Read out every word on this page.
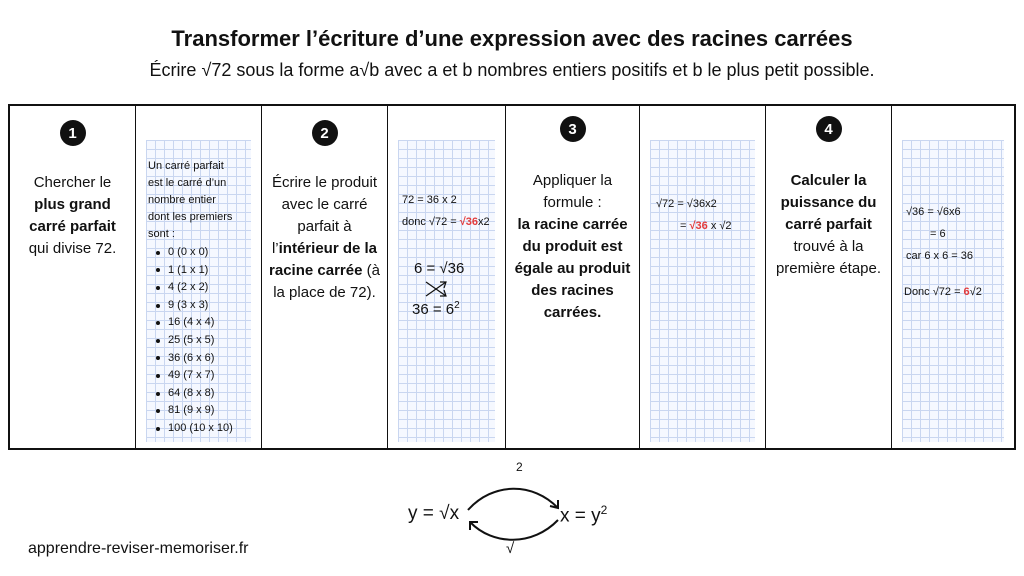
Transformer l’écriture d’une expression avec des racines carrées
Écrire √72 sous la forme a√b avec a et b nombres entiers positifs et b le plus petit possible.
1
Chercher le
plus grand carré parfait
qui divise 72.
Un carré parfait
est le carré d’un
nombre entier
dont les premiers
sont :
0 (0 x 0)
1 (1 x 1)
4 (2 x 2)
9 (3 x 3)
16 (4 x 4)
25 (5 x 5)
36 (6 x 6)
49 (7 x 7)
64 (8 x 8)
81 (9 x 9)
100 (10 x 10)
2
Écrire le produit avec le carré parfait à l’intérieur de la racine carrée (à la place de 72).
72 = 36 x 2
donc √72 = √36x2
6 = √36
$36 = 6^2$
3
Appliquer la formule :
la racine carrée du produit est égale au produit des racines carrées.
√72 = √36x2
= √36 x √2
4
Calculer la puissance du carré parfait
trouvé à la première étape.
√36 = √6x6
= 6
car 6 x 6 = 36
Donc √72 = 6√2
2
y = √x	$x = y^2$
√
apprendre-reviser-memoriser.fr
